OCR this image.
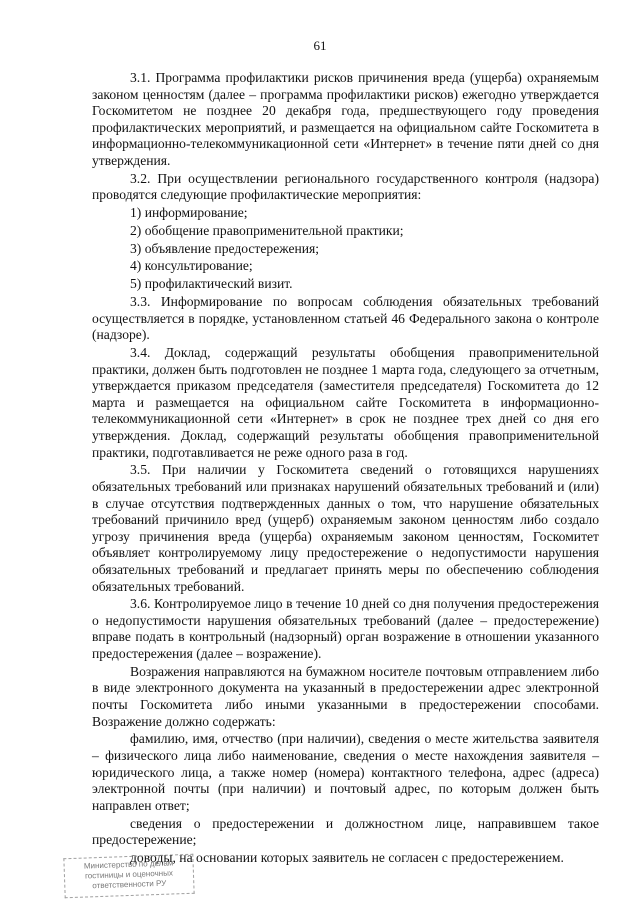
61

3.1. Программа профилактики рисков причинения вреда (ущерба) охраняемым законом ценностям (далее – программа профилактики рисков) ежегодно утверждается Госкомитетом не позднее 20 декабря года, предшествующего году проведения профилактических мероприятий, и размещается на официальном сайте Госкомитета в информационно-телекоммуникационной сети «Интернет» в течение пяти дней со дня утверждения.

3.2. При осуществлении регионального государственного контроля (надзора) проводятся следующие профилактические мероприятия:

1) информирование;

2) обобщение правоприменительной практики;

3) объявление предостережения;

4) консультирование;

5) профилактический визит.

3.3. Информирование по вопросам соблюдения обязательных требований осуществляется в порядке, установленном статьей 46 Федерального закона о контроле (надзоре).

3.4. Доклад, содержащий результаты обобщения правоприменительной практики, должен быть подготовлен не позднее 1 марта года, следующего за отчетным, утверждается приказом председателя (заместителя председателя) Госкомитета до 12 марта и размещается на официальном сайте Госкомитета в информационно-телекоммуникационной сети «Интернет» в срок не позднее трех дней со дня его утверждения. Доклад, содержащий результаты обобщения правоприменительной практики, подготавливается не реже одного раза в год.

3.5. При наличии у Госкомитета сведений о готовящихся нарушениях обязательных требований или признаках нарушений обязательных требований и (или) в случае отсутствия подтвержденных данных о том, что нарушение обязательных требований причинило вред (ущерб) охраняемым законом ценностям либо создало угрозу причинения вреда (ущерба) охраняемым законом ценностям, Госкомитет объявляет контролируемому лицу предостережение о недопустимости нарушения обязательных требований и предлагает принять меры по обеспечению соблюдения обязательных требований.

3.6. Контролируемое лицо в течение 10 дней со дня получения предостережения о недопустимости нарушения обязательных требований (далее – предостережение) вправе подать в контрольный (надзорный) орган возражение в отношении указанного предостережения (далее – возражение).

Возражения направляются на бумажном носителе почтовым отправлением либо в виде электронного документа на указанный в предостережении адрес электронной почты Госкомитета либо иными указанными в предостережении способами. Возражение должно содержать:

фамилию, имя, отчество (при наличии), сведения о месте жительства заявителя – физического лица либо наименование, сведения о месте нахождения заявителя – юридического лица, а также номер (номера) контактного телефона, адрес (адреса) электронной почты (при наличии) и почтовый адрес, по которым должен быть направлен ответ;

сведения о предостережении и должностном лице, направившем такое предостережение;

доводы, на основании которых заявитель не согласен с предостережением.

Министерство по делам
гостиницы и оценочных
ответственности РУ
